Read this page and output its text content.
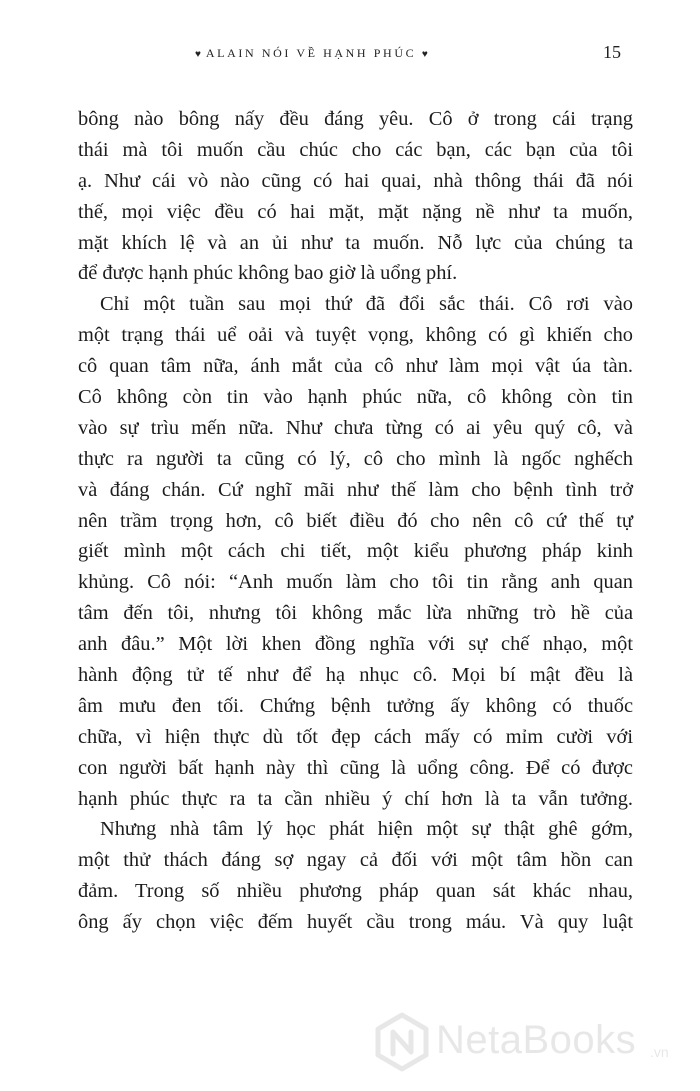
♥ ALAIN NÓI VỀ HẠNH PHÚC ♥	15
bông nào bông nấy đều đáng yêu. Cô ở trong cái trạng
thái mà tôi muốn cầu chúc cho các bạn, các bạn của tôi
ạ. Như cái vò nào cũng có hai quai, nhà thông thái đã nói
thế, mọi việc đều có hai mặt, mặt nặng nề như ta muốn,
mặt khích lệ và an ủi như ta muốn. Nỗ lực của chúng ta
để được hạnh phúc không bao giờ là uổng phí.
Chỉ một tuần sau mọi thứ đã đổi sắc thái. Cô rơi vào
một trạng thái uể oải và tuyệt vọng, không có gì khiến cho
cô quan tâm nữa, ánh mắt của cô như làm mọi vật úa tàn.
Cô không còn tin vào hạnh phúc nữa, cô không còn tin
vào sự trìu mến nữa. Như chưa từng có ai yêu quý cô, và
thực ra người ta cũng có lý, cô cho mình là ngốc nghếch
và đáng chán. Cứ nghĩ mãi như thế làm cho bệnh tình trở
nên trầm trọng hơn, cô biết điều đó cho nên cô cứ thế tự
giết mình một cách chi tiết, một kiểu phương pháp kinh
khủng. Cô nói: “Anh muốn làm cho tôi tin rằng anh quan
tâm đến tôi, nhưng tôi không mắc lừa những trò hề của
anh đâu.” Một lời khen đồng nghĩa với sự chế nhạo, một
hành động tử tế như để hạ nhục cô. Mọi bí mật đều là
âm mưu đen tối. Chứng bệnh tưởng ấy không có thuốc
chữa, vì hiện thực dù tốt đẹp cách mấy có mỉm cười với
con người bất hạnh này thì cũng là uổng công. Để có được
hạnh phúc thực ra ta cần nhiều ý chí hơn là ta vẫn tưởng.
Nhưng nhà tâm lý học phát hiện một sự thật ghê gớm,
một thử thách đáng sợ ngay cả đối với một tâm hồn can
đảm. Trong số nhiều phương pháp quan sát khác nhau,
ông ấy chọn việc đếm huyết cầu trong máu. Và quy luật
NetaBooks .vn
